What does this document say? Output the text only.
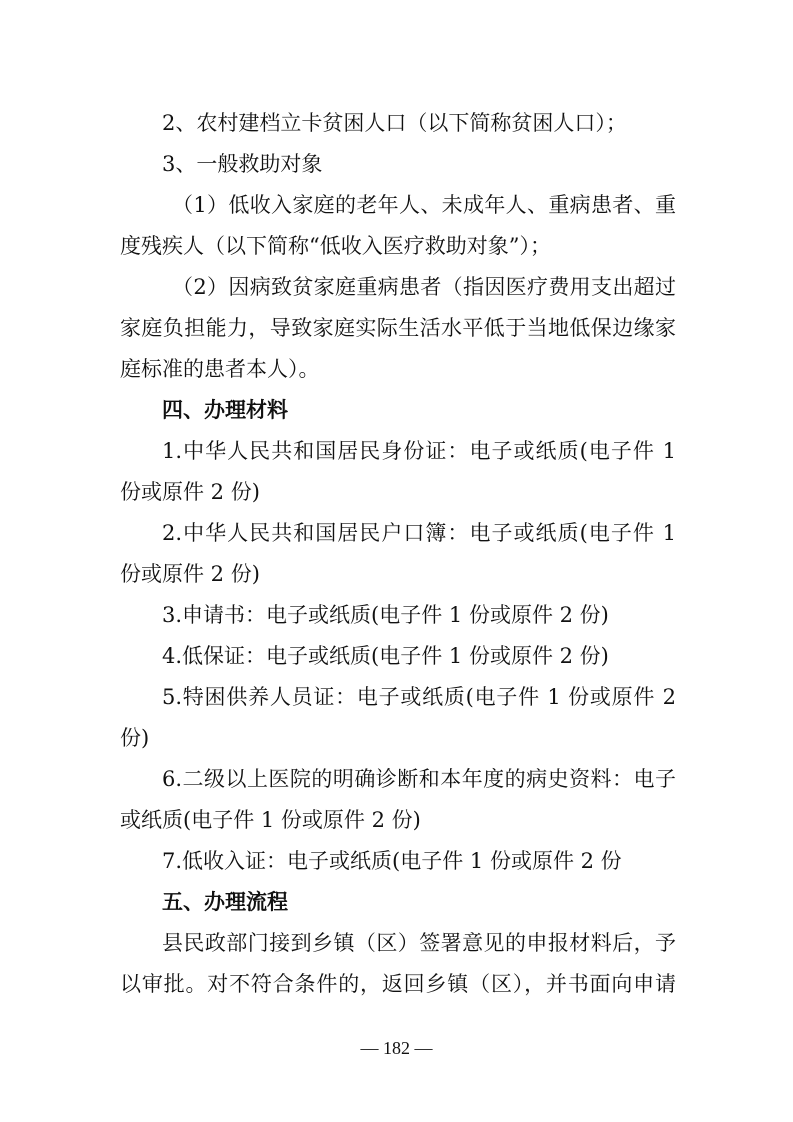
2、农村建档立卡贫困人口（以下简称贫困人口）；

3、一般救助对象

（1）低收入家庭的老年人、未成年人、重病患者、重

度残疾人（以下简称“低收入医疗救助对象”）；

（2）因病致贫家庭重病患者（指因医疗费用支出超过

家庭负担能力，导致家庭实际生活水平低于当地低保边缘家

庭标准的患者本人）。

四、办理材料

1.中华人民共和国居民身份证：电子或纸质(电子件 1

份或原件 2 份)

2.中华人民共和国居民户口簿：电子或纸质(电子件 1

份或原件 2 份)

3.申请书：电子或纸质(电子件 1 份或原件 2 份)

4.低保证：电子或纸质(电子件 1 份或原件 2 份)

5.特困供养人员证：电子或纸质(电子件 1 份或原件 2

份)

6.二级以上医院的明确诊断和本年度的病史资料：电子

或纸质(电子件 1 份或原件 2 份)

7.低收入证：电子或纸质(电子件 1 份或原件 2 份

五、办理流程

县民政部门接到乡镇（区）签署意见的申报材料后，予

以审批。对不符合条件的，返回乡镇（区），并书面向申请

— 182 —
